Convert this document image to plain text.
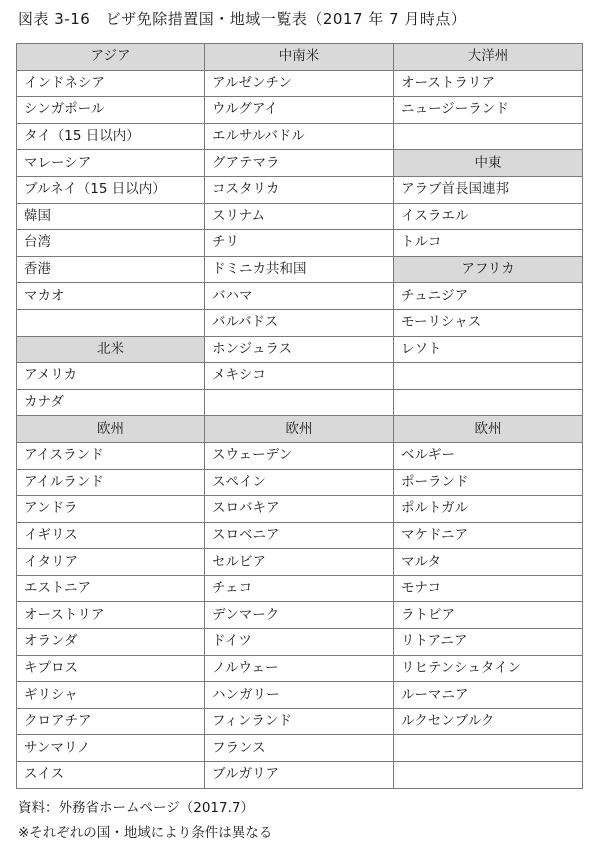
図表 3-16　ビザ免除措置国・地域一覧表（2017 年 7 月時点）
アジア	中南米	大洋州
インドネシア	アルゼンチン	オーストラリア
シンガポール	ウルグアイ	ニュージーランド
タイ（15 日以内）	エルサルバドル	
マレーシア	グアテマラ	中東
ブルネイ（15 日以内）	コスタリカ	アラブ首長国連邦
韓国	スリナム	イスラエル
台湾	チリ	トルコ
香港	ドミニカ共和国	アフリカ
マカオ	バハマ	チュニジア
	バルバドス	モーリシャス
北米	ホンジュラス	レソト
アメリカ	メキシコ	
カナダ		
欧州	欧州	欧州
アイスランド	スウェーデン	ベルギー
アイルランド	スペイン	ポーランド
アンドラ	スロバキア	ポルトガル
イギリス	スロベニア	マケドニア
イタリア	セルビア	マルタ
エストニア	チェコ	モナコ
オーストリア	デンマーク	ラトビア
オランダ	ドイツ	リトアニア
キプロス	ノルウェー	リヒテンシュタイン
ギリシャ	ハンガリー	ルーマニア
クロアチア	フィンランド	ルクセンブルク
サンマリノ	フランス	
スイス	ブルガリア	
資料：外務省ホームページ（2017.7）
※それぞれの国・地域により条件は異なる
